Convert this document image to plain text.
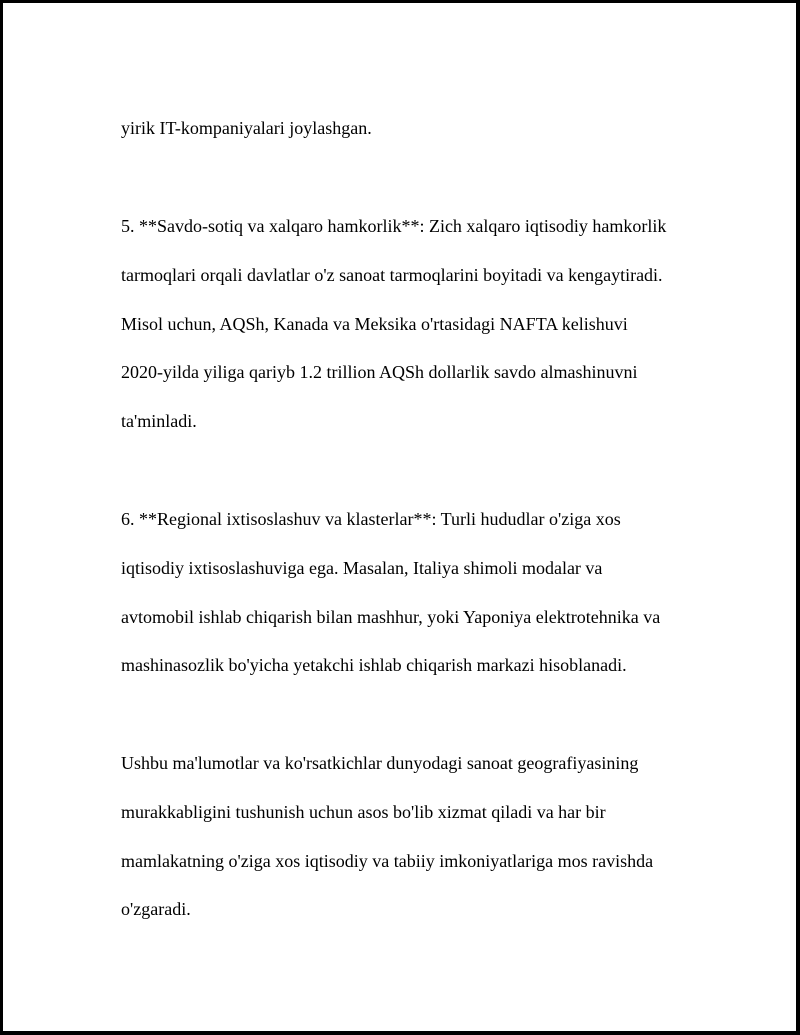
yirik IT-kompaniyalari joylashgan.

5. **Savdo-sotiq va xalqaro hamkorlik**: Zich xalqaro iqtisodiy hamkorlik

tarmoqlari orqali davlatlar o'z sanoat tarmoqlarini boyitadi va kengaytiradi.

Misol uchun, AQSh, Kanada va Meksika o'rtasidagi NAFTA kelishuvi

2020-yilda yiliga qariyb 1.2 trillion AQSh dollarlik savdo almashinuvni

ta'minladi.

6. **Regional ixtisoslashuv va klasterlar**: Turli hududlar o'ziga xos

iqtisodiy ixtisoslashuviga ega. Masalan, Italiya shimoli modalar va

avtomobil ishlab chiqarish bilan mashhur, yoki Yaponiya elektrotehnika va

mashinasozlik bo'yicha yetakchi ishlab chiqarish markazi hisoblanadi.

Ushbu ma'lumotlar va ko'rsatkichlar dunyodagi sanoat geografiyasining

murakkabligini tushunish uchun asos bo'lib xizmat qiladi va har bir

mamlakatning o'ziga xos iqtisodiy va tabiiy imkoniyatlariga mos ravishda

o'zgaradi.
